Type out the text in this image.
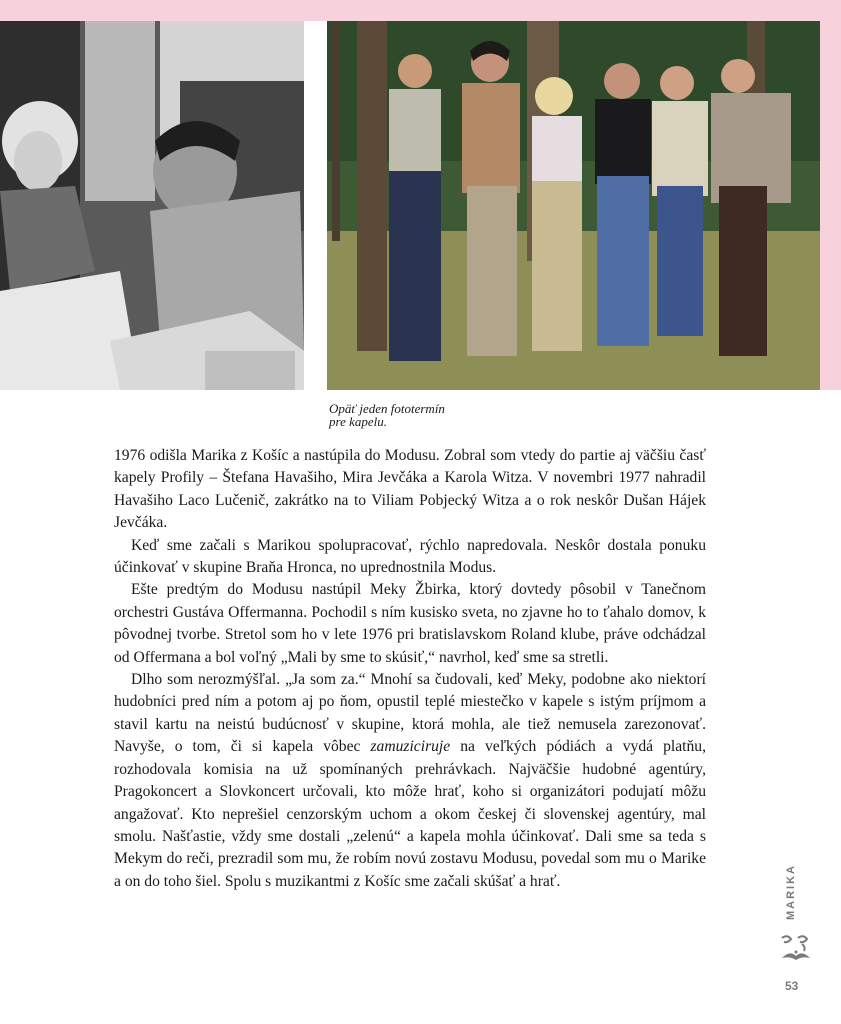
Opäť jeden fototermín
pre kapelu.

1976 odišla Marika z Košíc a nastúpila do Modusu. Zobral som vtedy do partie aj väčšiu časť kapely Profily – Štefana Havašiho, Mira Jevčáka a Karola Witza. V novembri 1977 nahradil Havašiho Laco Lučenič, zakrátko na to Viliam Pobjecký Witza a o rok neskôr Dušan Hájek Jevčáka.

Keď sme začali s Marikou spolupracovať, rýchlo napredovala. Neskôr dostala ponuku účinkovať v skupine Braňa Hronca, no uprednostnila Modus.

Ešte predtým do Modusu nastúpil Meky Žbirka, ktorý dovtedy pôsobil v Tanečnom orchestri Gustáva Offermanna. Pochodil s ním kusisko sveta, no zjavne ho to ťahalo domov, k pôvodnej tvorbe. Stretol som ho v lete 1976 pri bratislavskom Roland klube, práve odchádzal od Offermana a bol voľný „Mali by sme to skúsiť,“ navrhol, keď sme sa stretli.

Dlho som nerozmýšľal. „Ja som za.“ Mnohí sa čudovali, keď Meky, podobne ako niektorí hudobníci pred ním a potom aj po ňom, opustil teplé miestečko v kapele s istým príjmom a stavil kartu na neistú budúcnosť v skupine, ktorá mohla, ale tiež nemusela zarezonovať. Navyše, o tom, či si kapela vôbec zamuziciruje na veľkých pódiách a vydá platňu, rozhodovala komisia na už spomínaných prehrávkach. Najväčšie hudobné agentúry, Pragokoncert a Slovkoncert určovali, kto môže hrať, koho si organizátori podujatí môžu angažovať. Kto neprešiel cenzorským uchom a okom českej či slovenskej agentúry, mal smolu. Našťastie, vždy sme dostali „zelenú“ a kapela mohla účinkovať. Dali sme sa teda s Mekym do reči, prezradil som mu, že robím novú zostavu Modusu, povedal som mu o Marike a on do toho šiel. Spolu s muzikantmi z Košíc sme začali skúšať a hrať.	MARIKA
53
